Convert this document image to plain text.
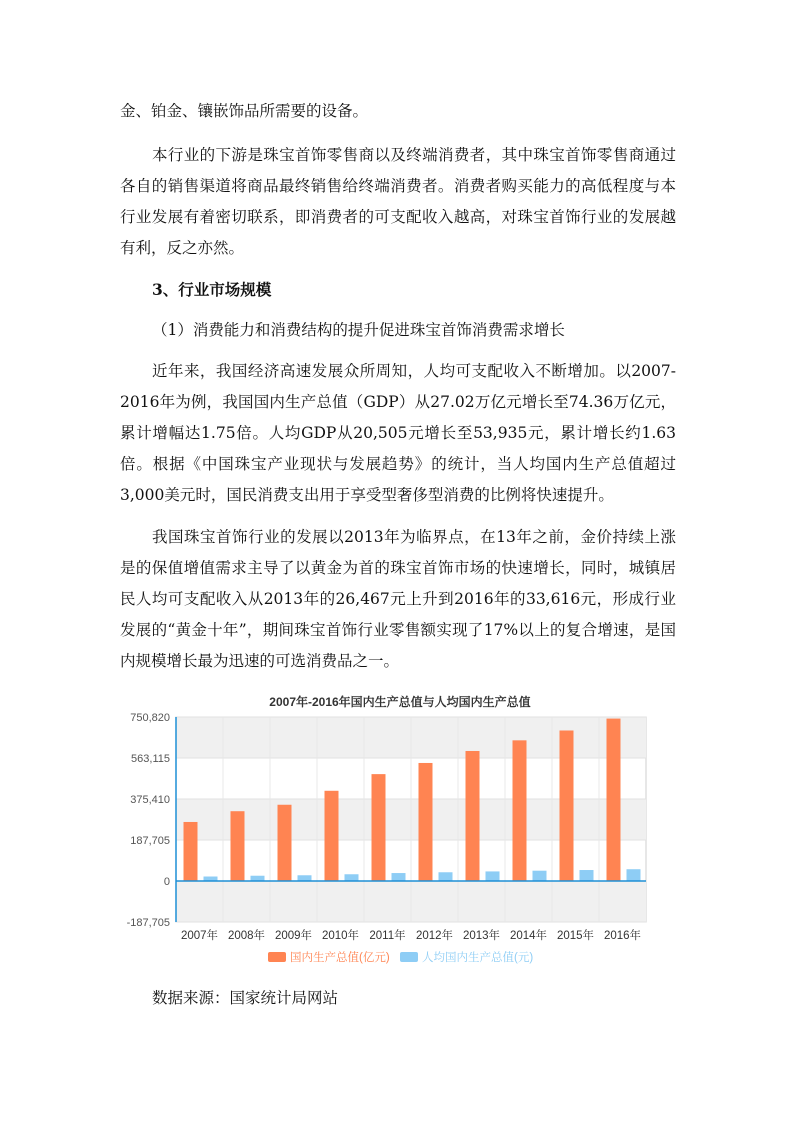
金、铂金、镶嵌饰品所需要的设备。

本行业的下游是珠宝首饰零售商以及终端消费者，其中珠宝首饰零售商通过各自的销售渠道将商品最终销售给终端消费者。消费者购买能力的高低程度与本行业发展有着密切联系，即消费者的可支配收入越高，对珠宝首饰行业的发展越有利，反之亦然。

3、行业市场规模

（1）消费能力和消费结构的提升促进珠宝首饰消费需求增长

近年来，我国经济高速发展众所周知，人均可支配收入不断增加。以2007-2016年为例，我国国内生产总值（GDP）从27.02万亿元增长至74.36万亿元，累计增幅达1.75倍。人均GDP从20,505元增长至53,935元，累计增长约1.63倍。根据《中国珠宝产业现状与发展趋势》的统计，当人均国内生产总值超过3,000美元时，国民消费支出用于享受型奢侈型消费的比例将快速提升。

我国珠宝首饰行业的发展以2013年为临界点，在13年之前，金价持续上涨是的保值增值需求主导了以黄金为首的珠宝首饰市场的快速增长，同时，城镇居民人均可支配收入从2013年的26,467元上升到2016年的33,616元，形成行业发展的“黄金十年”，期间珠宝首饰行业零售额实现了17%以上的复合增速，是国内规模增长最为迅速的可选消费品之一。

2007年-2016年国内生产总值与人均国内生产总值
750,820
563,115
375,410
187,705
0
-187,705
2007年 2008年 2009年 2010年 2011年 2012年 2013年 2014年 2015年 2016年
国内生产总值(亿元)	人均国内生产总值(元)

数据来源：国家统计局网站
